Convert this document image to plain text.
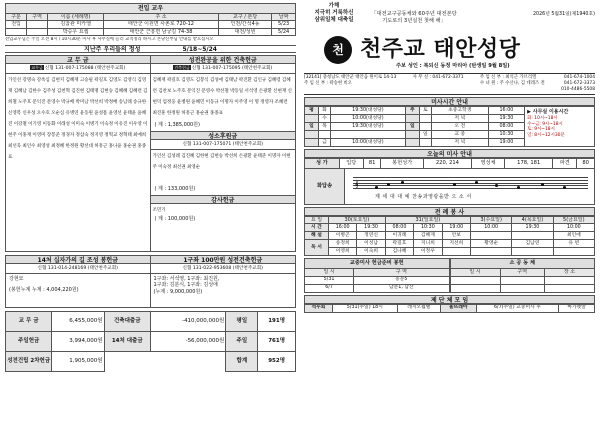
전입 교우					
구분	구역	이름 (세례명)	주 소	교구 / 본당	날짜
전입		김참관 미카엘	태안군 이원면 사촌로 720-12	인천/간석4동	5/23
		박승우 요셉	태안군 근흥면 남궁길 74-38	대전/성빈	5/24
전입교우님은 주일 오전 8시 / 10시30분 미사 후 사무실에 들러 교적정리 하시고 본당신부님 안내를 받으십시오
지난주 우리들의 정성	5/18~5/24
교 무 금
교무금 신협 131-007-175088 (태안천주교회)
가인선 강명숙 강옥심 김현지 김혜재 고승필 곽길호 김영도 김영식 김영재 김혜남 김한수 김주성 김천혁 김진현 김태명 김현승 김혜혜 김혜련 김희철 노주호 문익진 문영수 박규배 박미남 박선희 박정배 송남례 송규한 신영복 신우성 오수호 오순심 유병연 윤동원 윤성흠 윤영선 윤태윤 윤혜진 이강철 이기영 이동화 이래성 이미숙 이병기 이숙정 이유진 이우영 이현주 이홍재 이영미 장봉준 정경자 정삼숙 정지영 정혁교 정혁태 최예희 최선욱 최인수 최영성 최정혜 한정원 황선대 허흥근 홍나윤 홍순권 홍종표
성전완공을 위한 건축헌금
건축헌금 신협 131-007-175095 (태안천주교회)
김혜재 곽길호 김영도 김봉식 김성애 김태남 곽진환 김인규 김혜령 김혜련 김찬보 노주호 문익진 문영수 박선철 박동일 서석영 손광환 신현재 신현덕 엄정웅 윤병원 윤혜민 이동규 이명자 이주영 이 명 정영자 조혜련 최진훈 한정원 허흥근 홍순권 홍종표
( 계 : 1,385,000원)
성소후원금
신협 131-007-175071 (태안천주교회)
가인선 김성례 김진혜 김한현 김현승 박선희 손광환 윤태준 이명자 이현주 이숙정 최선권 최영순
( 계 : 133,000원)
감사헌금
조민기
( 계 : 100,000원)
14처 십자가의 길 조성 봉헌금
신협 131-014-248169 (태안천주교회)
강현묘
(봉헌누계 누계 : 4,004,220원)
1구좌 100만원 성전건축헌금
신협 131-022-953608 (태안천주교회)
1구좌: 서석영, 1구좌: 최진원,
1구좌: 김분식, 1구좌: 김성애
(누계 : 9,000,000원)
교 무 금	6,455,000원	건축대출금	-410,000,000원	평일	191명
주일헌금	3,994,000원	14처 대출금	-56,000,000원	주일	761명
성전건립 2차헌금	1,905,000원			합계	952명
가해
지극히 거룩하신
삼위일체 대축일
「대전교구공동체와 60주년 대전본당
기도로의 3년실천 첫해 해」
2026년 5월31일(제1940호)
천 천주교 태안성당
주보 성인 : 복되신 동정 마리아 (탄생일 9월 8일)
[32141] 충청남도 태안군 태안읍 원이로 14-13
주 임 신 부 : 곽승현 비오
사 무 실 : 041-672-3371	주 임 신 부 : 최석근 가브리엘
수 녀 원 : 주 수산나, 김 데레즈 전
041-674-1004
041-672-3373
010-4486-5508
미사시간 안내
평	화	19:30(대성당)	주	토	초중고학생	16:00
	수	10:00(대성당)			저 녁	19:30
일	목	19:30(대성당)	일		오 전	08:00
				일	교 중	10:30
	금	10:00(대성당)			저 녁	19:00
▶ 사무실 이용시간
화: 10시~18시
수~금: 9시~18시
토: 9시~18시
일: 8시~12시30분
오늘의 미사 안내
성 가	입당	81	봉헌성가	220, 214	영성체	178, 181	파견	80
화답송	𝄞
제 세 대 대 예 찬송과영광을받 으 소 서
전 례 봉 사
요 일	30(토요일)		31(일요일)			3(수요일)	4(목요일)	5(금요일)
시 간	16:00	19:30	08:00	10:30	19:00	10:00	19:30	10:00
해 설	이병곤	정연신	이귀례	김혜재	안보			최인애
독 서	송정희	이성남	곽길호	지니희	지선희	황영순	김남연	유 빈
	이영희	이숙희	김나혜	이정우				
교중미사 헌금준비 봉헌	
일 시	구 역
5/31	동문5
6/7	남문1, 남산
소 공 동 체		
일 시	구역	장 소

제 단 체 모 임
석두회	5/31(주일) 18시	레지오월별	울뜨레아	6/7(주일) 교중미사 후	마가렛알
